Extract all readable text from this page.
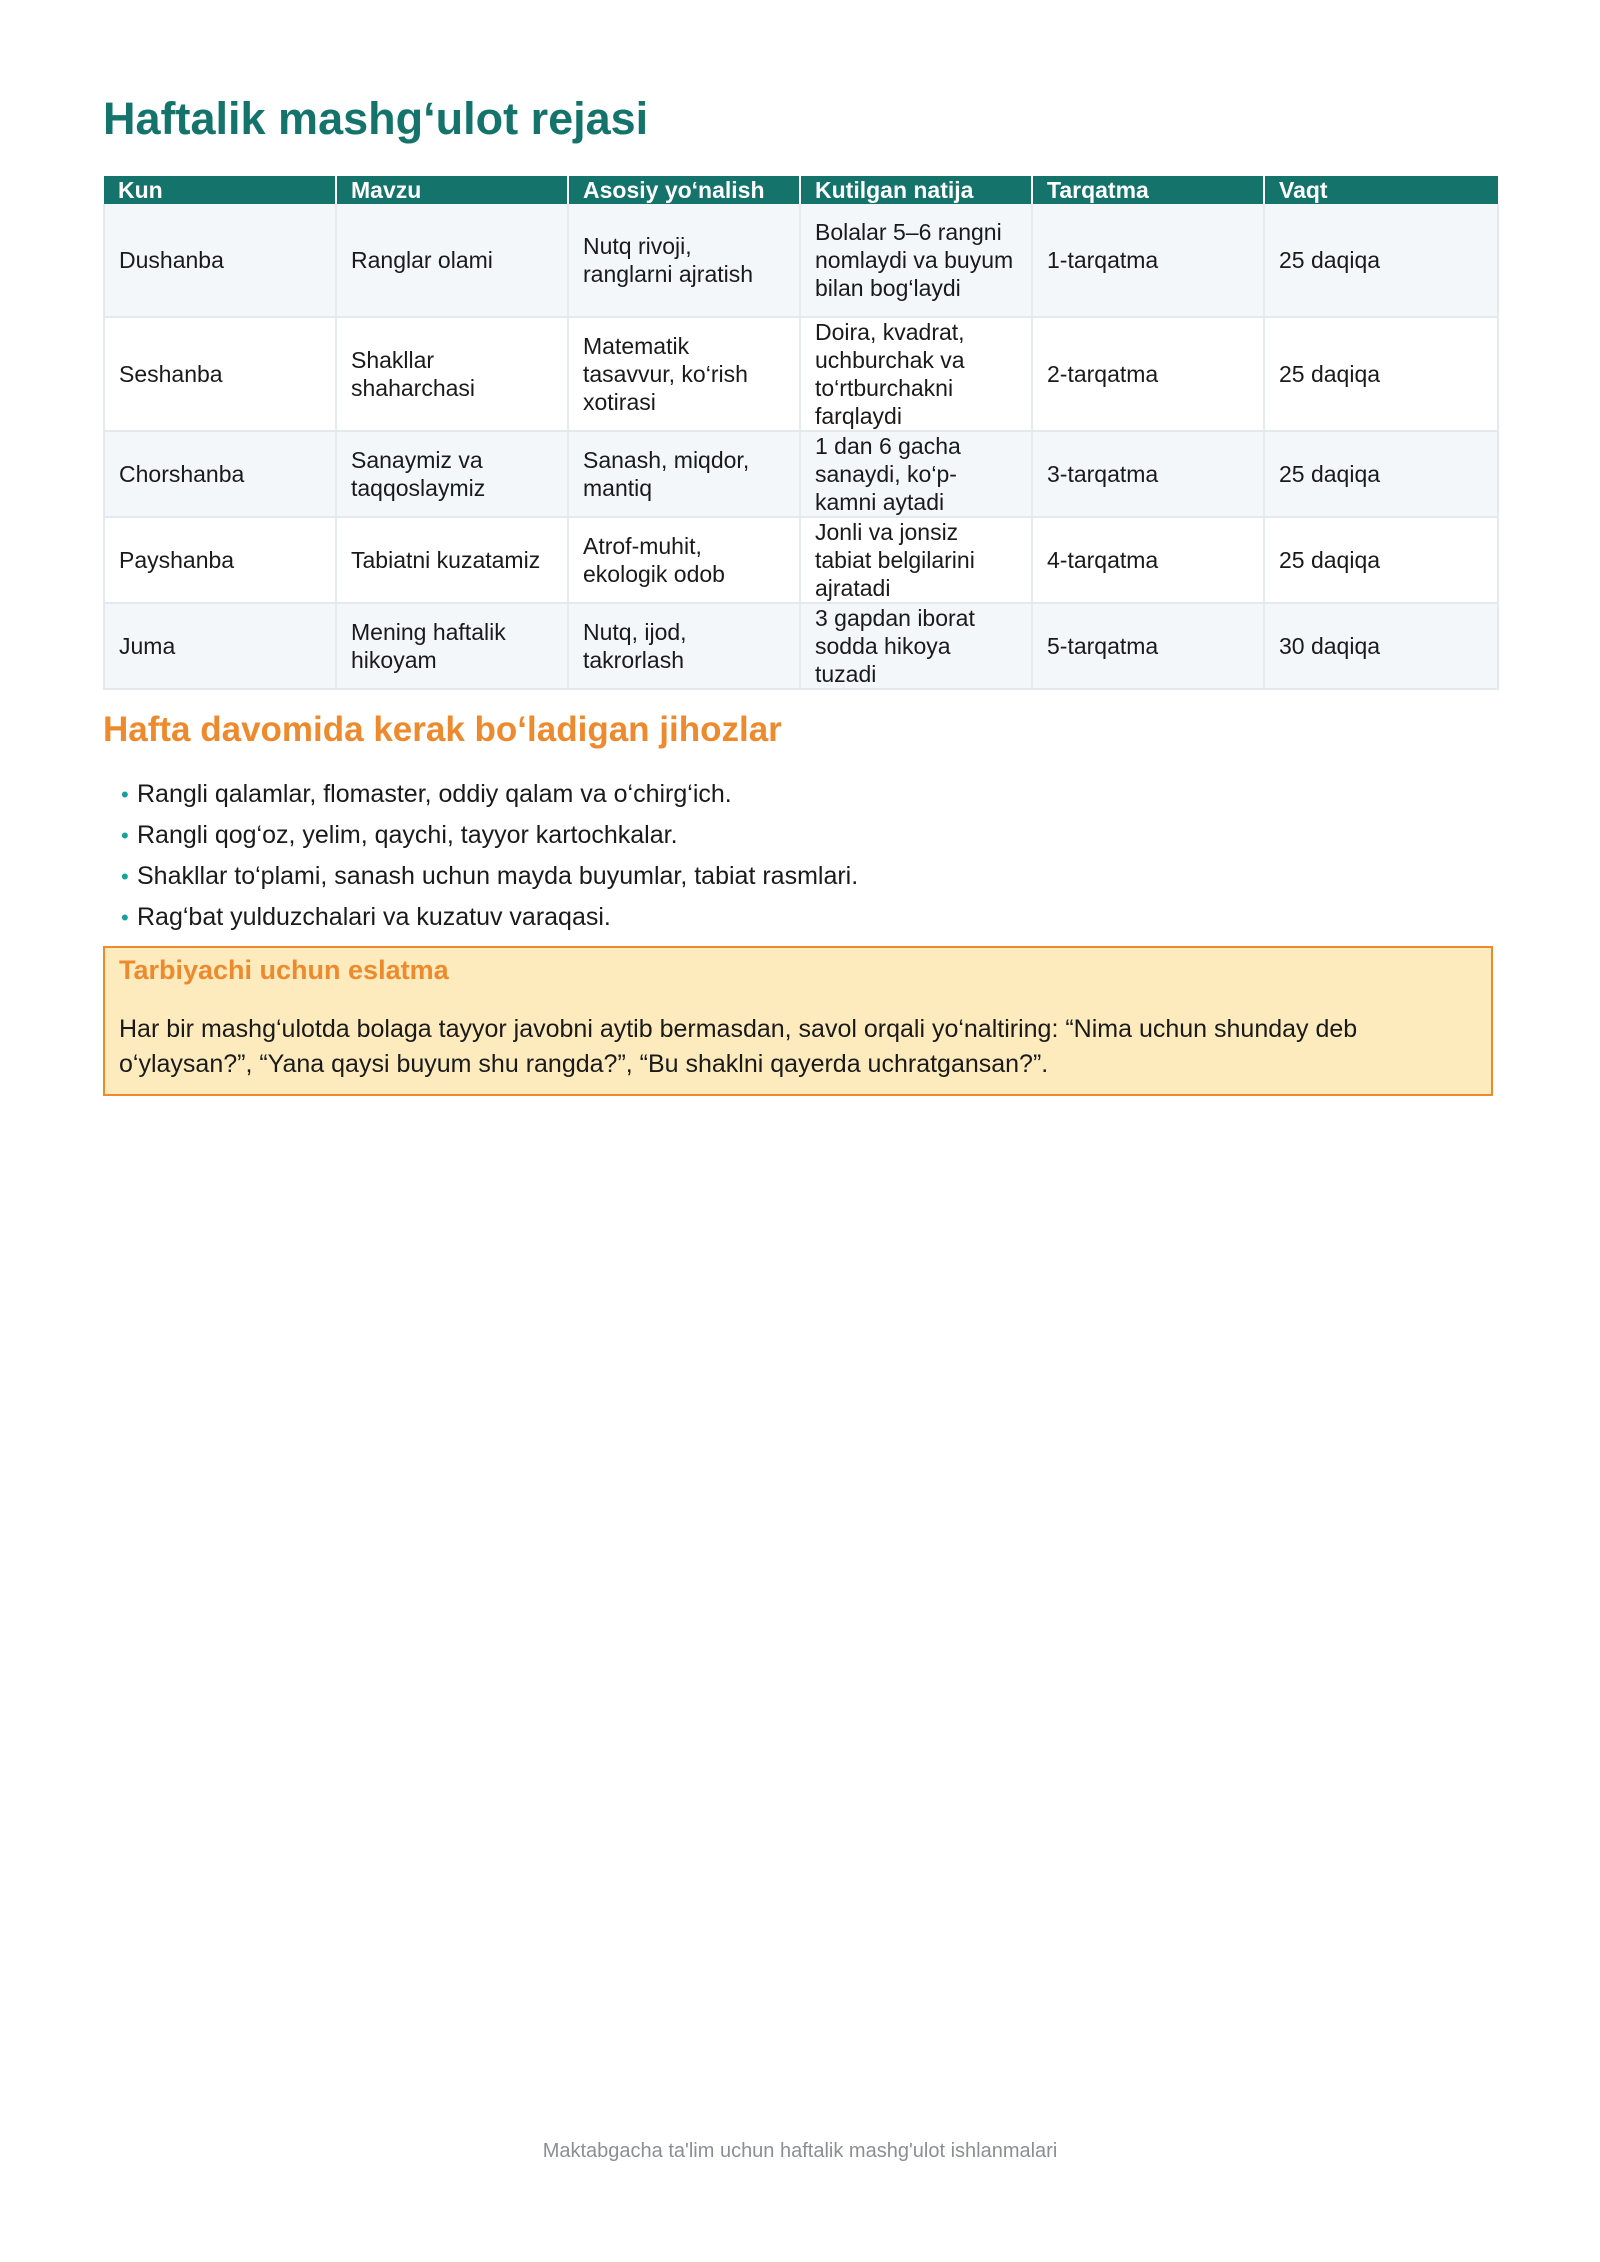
Haftalik mashg‘ulot rejasi
Kun	Mavzu	Asosiy yo‘nalish	Kutilgan natija	Tarqatma	Vaqt
Dushanba	Ranglar olami	Nutq rivoji, ranglarni ajratish	Bolalar 5–6 rangni nomlaydi va buyum bilan bog‘laydi	1-tarqatma	25 daqiqa
Seshanba	Shakllar shaharchasi	Matematik tasavvur, ko‘rish xotirasi	Doira, kvadrat, uchburchak va to‘rtburchakni farqlaydi	2-tarqatma	25 daqiqa
Chorshanba	Sanaymiz va taqqoslaymiz	Sanash, miqdor, mantiq	1 dan 6 gacha sanaydi, ko‘p-kamni aytadi	3-tarqatma	25 daqiqa
Payshanba	Tabiatni kuzatamiz	Atrof-muhit, ekologik odob	Jonli va jonsiz tabiat belgilarini ajratadi	4-tarqatma	25 daqiqa
Juma	Mening haftalik hikoyam	Nutq, ijod, takrorlash	3 gapdan iborat sodda hikoya tuzadi	5-tarqatma	30 daqiqa
Hafta davomida kerak bo‘ladigan jihozlar
• Rangli qalamlar, flomaster, oddiy qalam va o‘chirg‘ich.
• Rangli qog‘oz, yelim, qaychi, tayyor kartochkalar.
• Shakllar to‘plami, sanash uchun mayda buyumlar, tabiat rasmlari.
• Rag‘bat yulduzchalari va kuzatuv varaqasi.
Tarbiyachi uchun eslatma
Har bir mashg‘ulotda bolaga tayyor javobni aytib bermasdan, savol orqali yo‘naltiring: “Nima uchun shunday deb o‘ylaysan?”, “Yana qaysi buyum shu rangda?”, “Bu shaklni qayerda uchratgansan?”.
Maktabgacha ta'lim uchun haftalik mashg'ulot ishlanmalari
